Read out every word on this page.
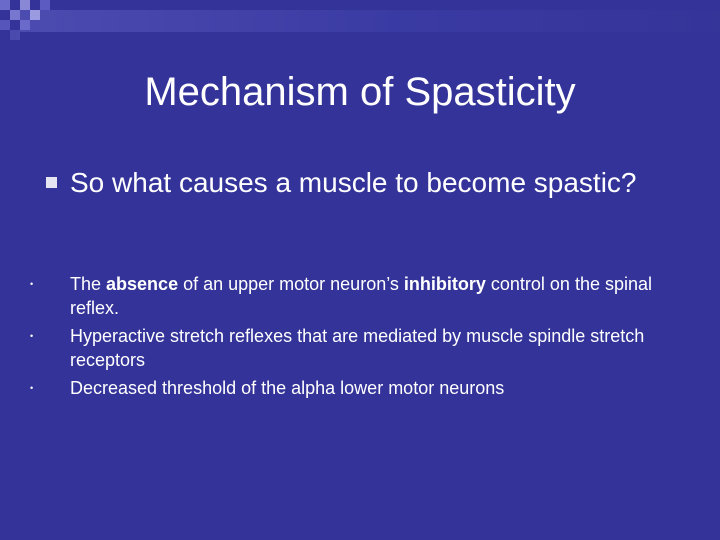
Mechanism of Spasticity
So what causes a muscle to become spastic?
•	The absence of an upper motor neuron’s inhibitory control on the spinal reflex.
•	Hyperactive stretch reflexes that are mediated by muscle spindle stretch receptors
•	Decreased threshold of the alpha lower motor neurons
